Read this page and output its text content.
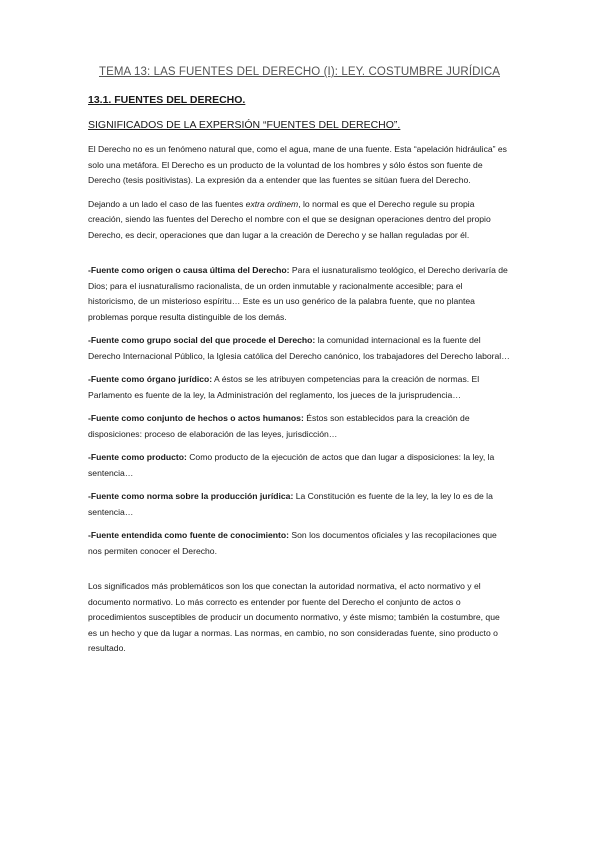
TEMA 13: LAS FUENTES DEL DERECHO (I): LEY. COSTUMBRE JURÍDICA
13.1. FUENTES DEL DERECHO.
SIGNIFICADOS DE LA EXPERSIÓN “FUENTES DEL DERECHO”.

El Derecho no es un fenómeno natural que, como el agua, mane de una fuente. Esta “apelación hidráulica” es solo una metáfora. El Derecho es un producto de la voluntad de los hombres y sólo éstos son fuente de Derecho (tesis positivistas). La expresión da a entender que las fuentes se sitúan fuera del Derecho.

Dejando a un lado el caso de las fuentes extra ordinem, lo normal es que el Derecho regule su propia creación, siendo las fuentes del Derecho el nombre con el que se designan operaciones dentro del propio Derecho, es decir, operaciones que dan lugar a la creación de Derecho y se hallan reguladas por él.

-Fuente como origen o causa última del Derecho: Para el iusnaturalismo teológico, el Derecho derivaría de Dios; para el iusnaturalismo racionalista, de un orden inmutable y racionalmente accesible; para el historicismo, de un misterioso espíritu… Este es un uso genérico de la palabra fuente, que no plantea problemas porque resulta distinguible de los demás.

-Fuente como grupo social del que procede el Derecho: la comunidad internacional es la fuente del Derecho Internacional Público, la Iglesia católica del Derecho canónico, los trabajadores del Derecho laboral…

-Fuente como órgano jurídico: A éstos se les atribuyen competencias para la creación de normas. El Parlamento es fuente de la ley, la Administración del reglamento, los jueces de la jurisprudencia…

-Fuente como conjunto de hechos o actos humanos: Éstos son establecidos para la creación de disposiciones: proceso de elaboración de las leyes, jurisdicción…

-Fuente como producto: Como producto de la ejecución de actos que dan lugar a disposiciones: la ley, la sentencia…

-Fuente como norma sobre la producción jurídica: La Constitución es fuente de la ley, la ley lo es de la sentencia…

-Fuente entendida como fuente de conocimiento: Son los documentos oficiales y las recopilaciones que nos permiten conocer el Derecho.

Los significados más problemáticos son los que conectan la autoridad normativa, el acto normativo y el documento normativo. Lo más correcto es entender por fuente del Derecho el conjunto de actos o procedimientos susceptibles de producir un documento normativo, y éste mismo; también la costumbre, que es un hecho y que da lugar a normas. Las normas, en cambio, no son consideradas fuente, sino producto o resultado.
